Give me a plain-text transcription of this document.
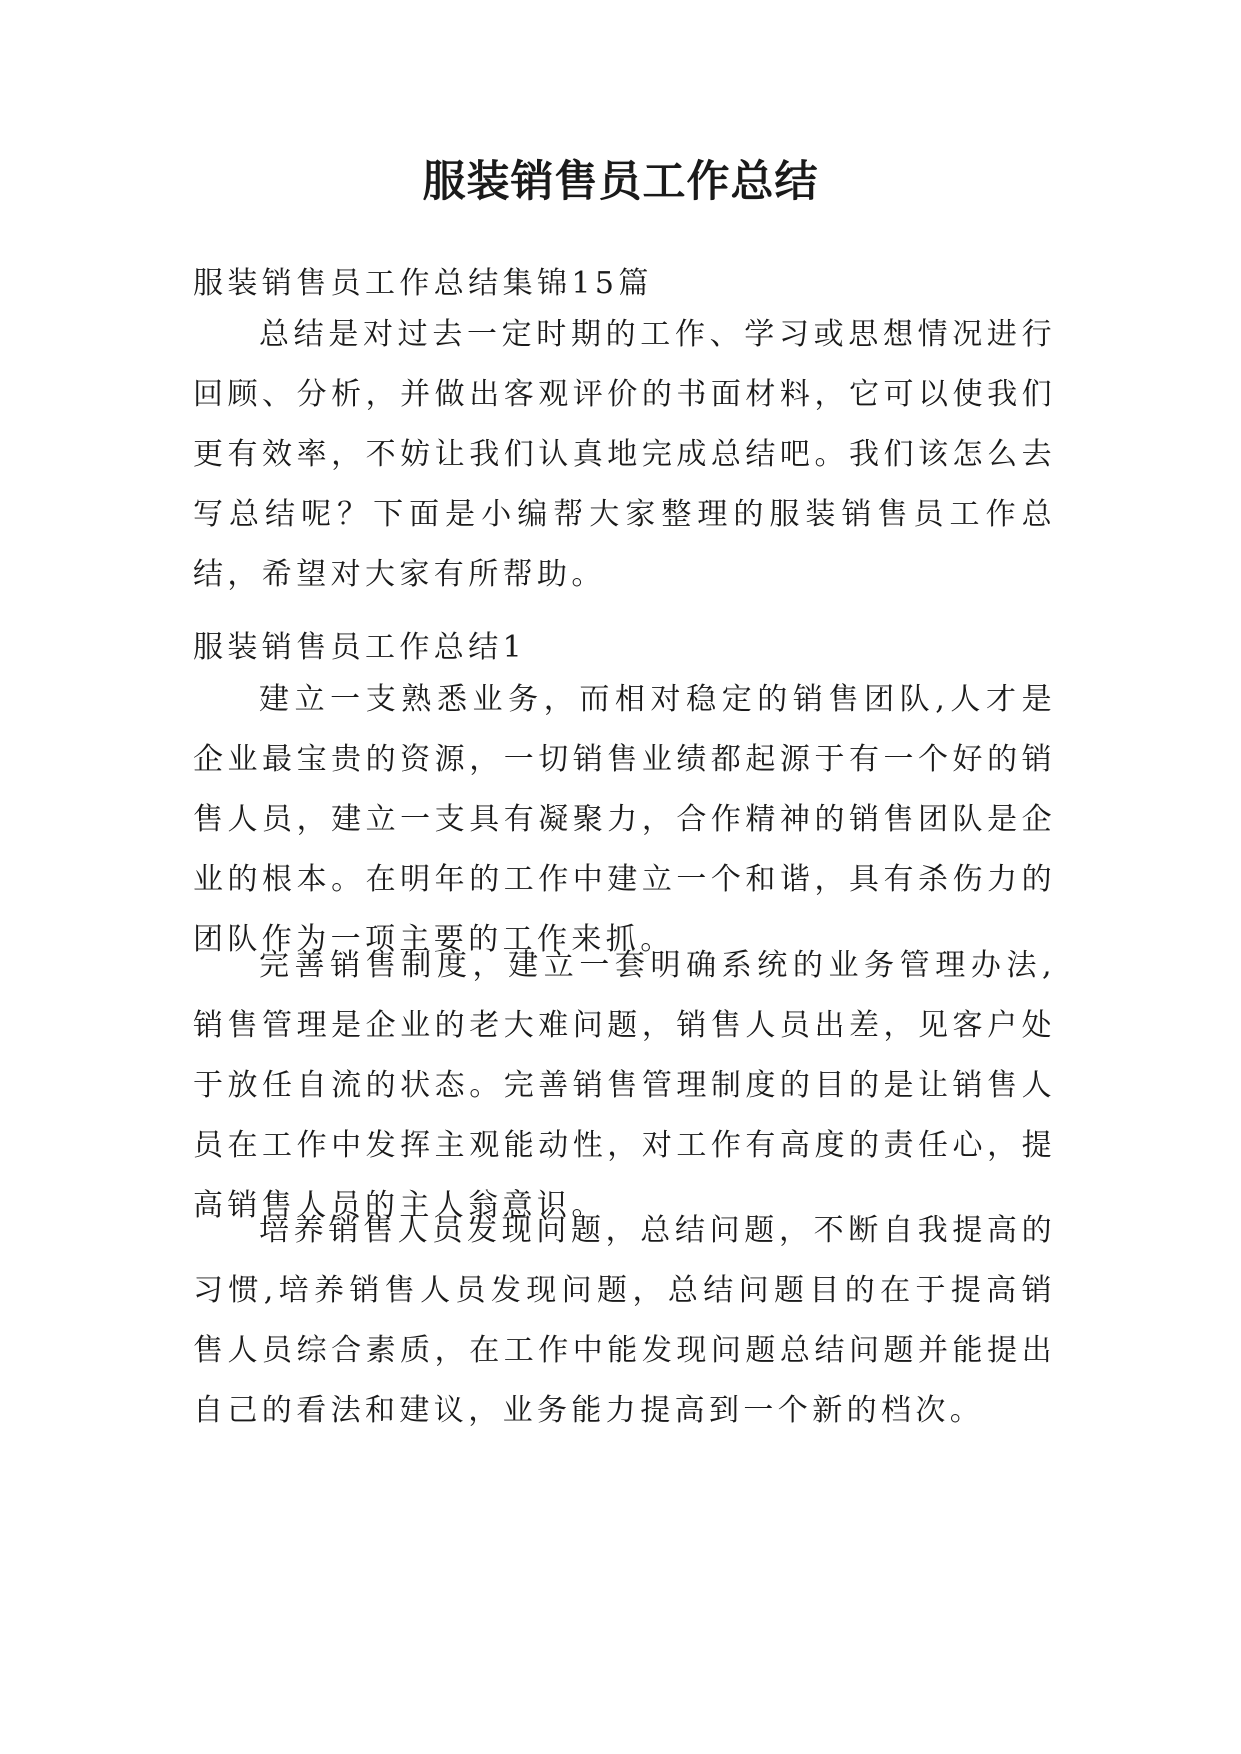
服装销售员工作总结

服装销售员工作总结集锦15篇

总结是对过去一定时期的工作、学习或思想情况进行回顾、分析，并做出客观评价的书面材料，它可以使我们更有效率，不妨让我们认真地完成总结吧。我们该怎么去写总结呢？下面是小编帮大家整理的服装销售员工作总结，希望对大家有所帮助。

服装销售员工作总结1

建立一支熟悉业务，而相对稳定的销售团队,人才是企业最宝贵的资源，一切销售业绩都起源于有一个好的销售人员，建立一支具有凝聚力，合作精神的销售团队是企业的根本。在明年的工作中建立一个和谐，具有杀伤力的团队作为一项主要的工作来抓。

完善销售制度，建立一套明确系统的业务管理办法,销售管理是企业的老大难问题，销售人员出差，见客户处于放任自流的状态。完善销售管理制度的目的是让销售人员在工作中发挥主观能动性，对工作有高度的责任心，提高销售人员的主人翁意识。

培养销售人员发现问题，总结问题，不断自我提高的习惯,培养销售人员发现问题，总结问题目的在于提高销售人员综合素质，在工作中能发现问题总结问题并能提出自己的看法和建议，业务能力提高到一个新的档次。
